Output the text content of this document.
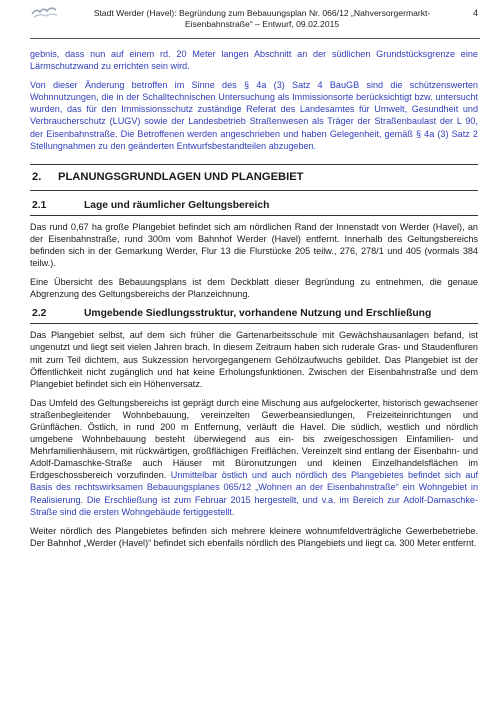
Stadt Werder (Havel): Begründung zum Bebauungsplan Nr. 066/12 „Nahversorgermarkt- Eisenbahnstraße“ – Entwurf, 09.02.2015
4

gebnis, dass nun auf einem rd. 20 Meter langen Abschnitt an der südlichen Grundstücksgrenze eine Lärmschutzwand zu errichten sein wird.

Von dieser Änderung betroffen im Sinne des § 4a (3) Satz 4 BauGB sind die schützenswerten Wohnnutzungen, die in der Schalltechnischen Untersuchung als Immissionsorte berücksichtigt bzw. untersucht wurden, das für den Immissionsschutz zuständige Referat des Landesamtes für Umwelt, Gesundheit und Verbraucherschutz (LUGV) sowie der Landesbetrieb Straßenwesen als Träger der Straßenbaulast der L 90, der Eisenbahnstraße. Die Betroffenen werden angeschrieben und haben Gelegenheit, gemäß § 4a (3) Satz 2 Stellungnahmen zu den geänderten Entwurfsbestandteilen abzugeben.

2.	PLANUNGSGRUNDLAGEN UND PLANGEBIET
2.1	Lage und räumlicher Geltungsbereich

Das rund 0,67 ha große Plangebiet befindet sich am nördlichen Rand der Innenstadt von Werder (Havel), an der Eisenbahnstraße, rund 300m vom Bahnhof Werder (Havel) entfernt. Innerhalb des Geltungsbereichs befinden sich in der Gemarkung Werder, Flur 13 die Flurstücke 205 teilw., 276, 278/1 und 405 (vormals 384 teilw.).

Eine Übersicht des Bebauungsplans ist dem Deckblatt dieser Begründung zu entnehmen, die genaue Abgrenzung des Geltungsbereichs der Planzeichnung.

2.2	Umgebende Siedlungsstruktur, vorhandene Nutzung und Erschließung

Das Plangebiet selbst, auf dem sich früher die Gartenarbeitsschule mit Gewächshausanlagen befand, ist ungenutzt und liegt seit vielen Jahren brach. In diesem Zeitraum haben sich ruderale Gras- und Staudenfluren mit zum Teil dichtem, aus Sukzession hervorgegangenem Gehölzaufwuchs gebildet. Das Plangebiet ist der Öffentlichkeit nicht zugänglich und hat keine Erholungsfunktionen. Zwischen der Eisenbahnstraße und dem Plangebiet befindet sich ein Höhenversatz.

Das Umfeld des Geltungsbereichs ist geprägt durch eine Mischung aus aufgelockerter, historisch gewachsener straßenbegleitender Wohnbebauung, vereinzelten Gewerbeansiedlungen, Freizeiteinrichtungen und Grünflächen. Östlich, in rund 200 m Entfernung, verläuft die Havel. Die südlich, westlich und nördlich umgebene Wohnbebauung besteht überwiegend aus ein- bis zweigeschossigen Einfamilien- und Mehrfamilienhäusern, mit rückwärtigen, großflächigen Freiflächen. Vereinzelt sind entlang der Eisenbahn- und Adolf-Damaschke-Straße auch Häuser mit Büronutzungen und kleinen Einzelhandelsflächen im Erdgeschossbereich vorzufinden. Unmittelbar östlich und auch nördlich des Plangebietes befindet sich auf Basis des rechtswirksamen Bebauungsplanes 065/12 „Wohnen an der Eisenbahnstraße“ ein Wohngebiet in Realisierung. Die Erschließung ist zum Februar 2015 hergestellt, und v.a. im Bereich zur Adolf-Damaschke-Straße sind die ersten Wohngebäude fertiggestellt.

Weiter nördlich des Plangebietes befinden sich mehrere kleinere wohnumfeldverträgliche Gewerbebetriebe. Der Bahnhof „Werder (Havel)“ befindet sich ebenfalls nördlich des Plangebiets und liegt ca. 300 Meter entfernt.
